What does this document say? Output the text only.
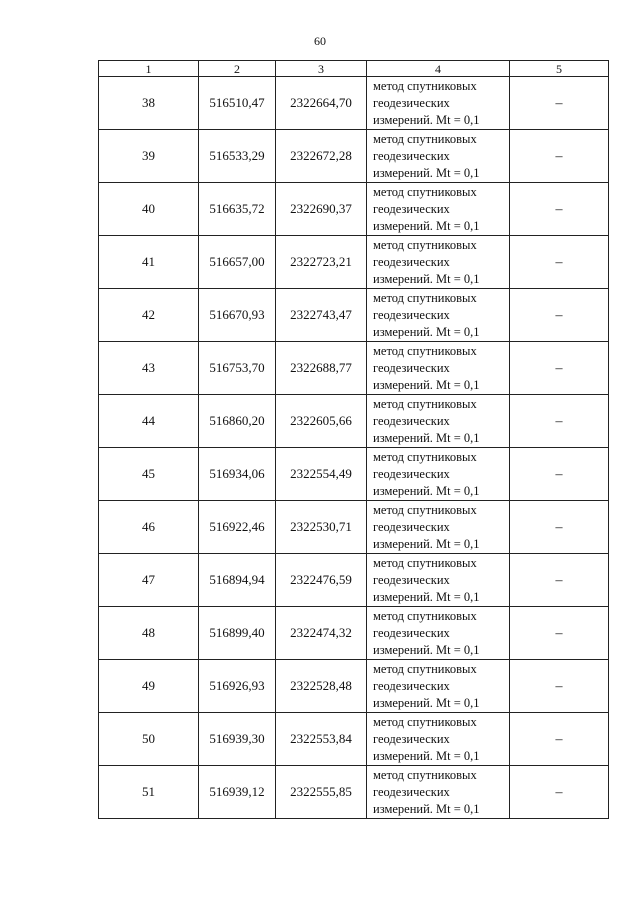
60
1	2	3	4	5
38	516510,47	2322664,70	метод спутниковых
геодезических
измерений. Mt = 0,1	–
39	516533,29	2322672,28	метод спутниковых
геодезических
измерений. Mt = 0,1	–
40	516635,72	2322690,37	метод спутниковых
геодезических
измерений. Mt = 0,1	–
41	516657,00	2322723,21	метод спутниковых
геодезических
измерений. Mt = 0,1	–
42	516670,93	2322743,47	метод спутниковых
геодезических
измерений. Mt = 0,1	–
43	516753,70	2322688,77	метод спутниковых
геодезических
измерений. Mt = 0,1	–
44	516860,20	2322605,66	метод спутниковых
геодезических
измерений. Mt = 0,1	–
45	516934,06	2322554,49	метод спутниковых
геодезических
измерений. Mt = 0,1	–
46	516922,46	2322530,71	метод спутниковых
геодезических
измерений. Mt = 0,1	–
47	516894,94	2322476,59	метод спутниковых
геодезических
измерений. Mt = 0,1	–
48	516899,40	2322474,32	метод спутниковых
геодезических
измерений. Mt = 0,1	–
49	516926,93	2322528,48	метод спутниковых
геодезических
измерений. Mt = 0,1	–
50	516939,30	2322553,84	метод спутниковых
геодезических
измерений. Mt = 0,1	–
51	516939,12	2322555,85	метод спутниковых
геодезических
измерений. Mt = 0,1	–
